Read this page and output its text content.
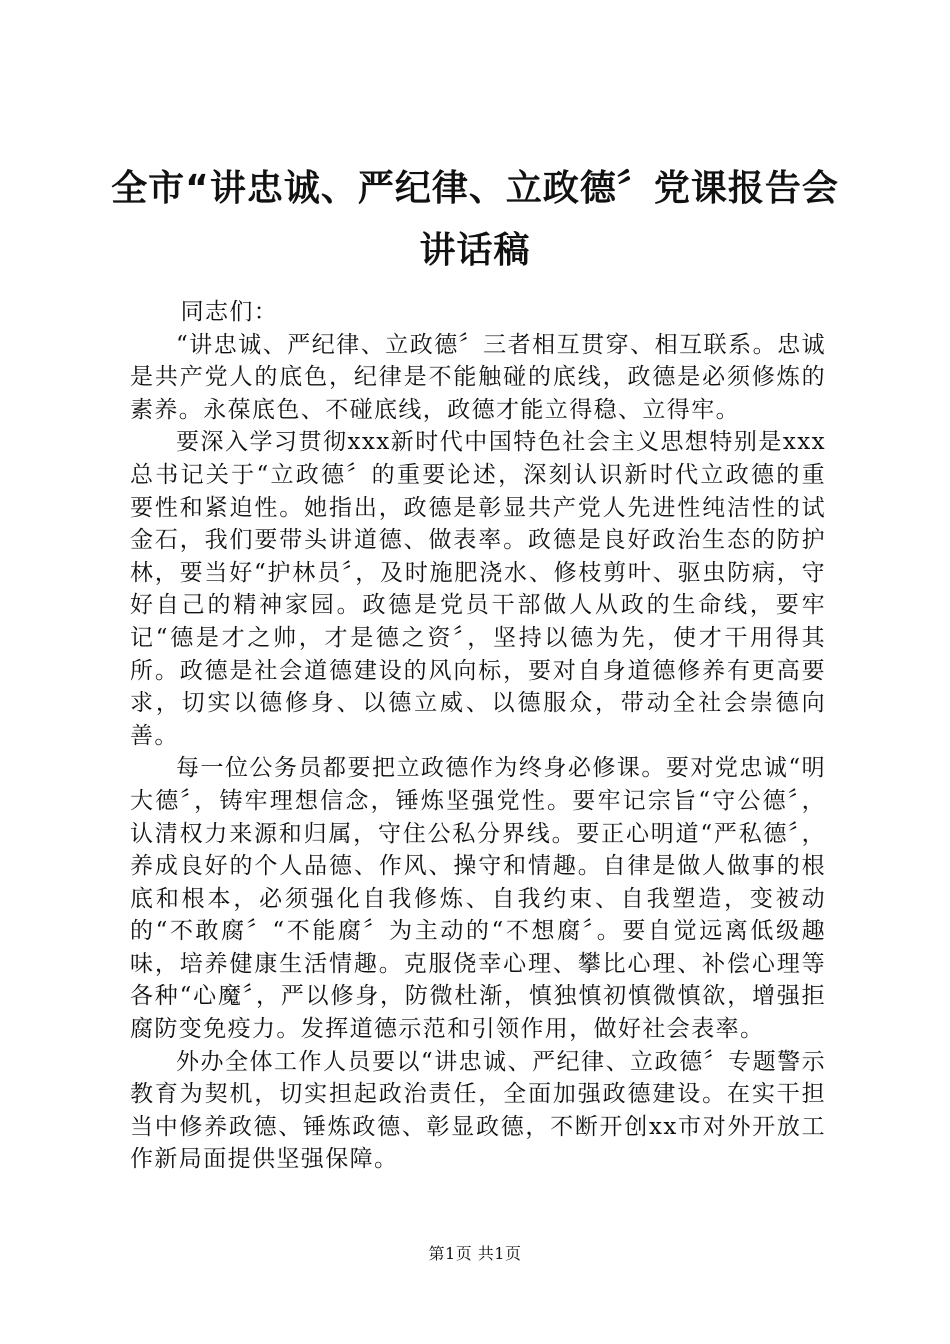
全市“讲忠诚、严纪律、立政德〞党课报告会
讲话稿

同志们：

“讲忠诚、严纪律、立政德〞三者相互贯穿、相互联系。忠诚是共产党人的底色，纪律是不能触碰的底线，政德是必须修炼的素养。永葆底色、不碰底线，政德才能立得稳、立得牢。

要深入学习贯彻xxx新时代中国特色社会主义思想特别是xxx总书记关于“立政德〞的重要论述，深刻认识新时代立政德的重要性和紧迫性。她指出，政德是彰显共产党人先进性纯洁性的试金石，我们要带头讲道德、做表率。政德是良好政治生态的防护林，要当好“护林员〞，及时施肥浇水、修枝剪叶、驱虫防病，守好自己的精神家园。政德是党员干部做人从政的生命线，要牢记“德是才之帅，才是德之资〞，坚持以德为先，使才干用得其所。政德是社会道德建设的风向标，要对自身道德修养有更高要求，切实以德修身、以德立威、以德服众，带动全社会崇德向善。

每一位公务员都要把立政德作为终身必修课。要对党忠诚“明大德〞，铸牢理想信念，锤炼坚强党性。要牢记宗旨“守公德〞，认清权力来源和归属，守住公私分界线。要正心明道“严私德〞，养成良好的个人品德、作风、操守和情趣。自律是做人做事的根底和根本，必须强化自我修炼、自我约束、自我塑造，变被动的“不敢腐〞“不能腐〞为主动的“不想腐〞。要自觉远离低级趣味，培养健康生活情趣。克服侥幸心理、攀比心理、补偿心理等各种“心魔〞，严以修身，防微杜渐，慎独慎初慎微慎欲，增强拒腐防变免疫力。发挥道德示范和引领作用，做好社会表率。

外办全体工作人员要以“讲忠诚、严纪律、立政德〞专题警示教育为契机，切实担起政治责任，全面加强政德建设。在实干担当中修养政德、锤炼政德、彰显政德，不断开创xx市对外开放工作新局面提供坚强保障。

第1页 共1页
